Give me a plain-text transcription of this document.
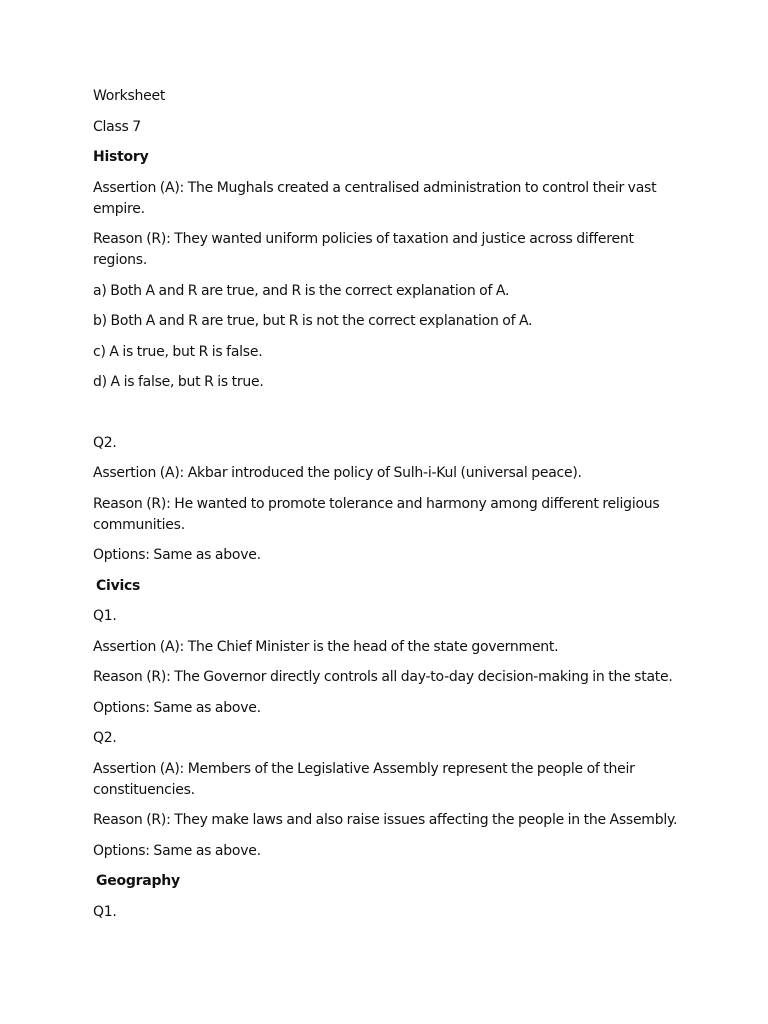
Worksheet

Class 7

History

Assertion (A): The Mughals created a centralised administration to control their vast empire.

Reason (R): They wanted uniform policies of taxation and justice across different regions.

a) Both A and R are true, and R is the correct explanation of A.

b) Both A and R are true, but R is not the correct explanation of A.

c) A is true, but R is false.

d) A is false, but R is true.

Q2.

Assertion (A): Akbar introduced the policy of Sulh-i-Kul (universal peace).

Reason (R): He wanted to promote tolerance and harmony among different religious communities.

Options: Same as above.

Civics

Q1.

Assertion (A): The Chief Minister is the head of the state government.

Reason (R): The Governor directly controls all day-to-day decision-making in the state.

Options: Same as above.

Q2.

Assertion (A): Members of the Legislative Assembly represent the people of their constituencies.

Reason (R): They make laws and also raise issues affecting the people in the Assembly.

Options: Same as above.

Geography

Q1.
